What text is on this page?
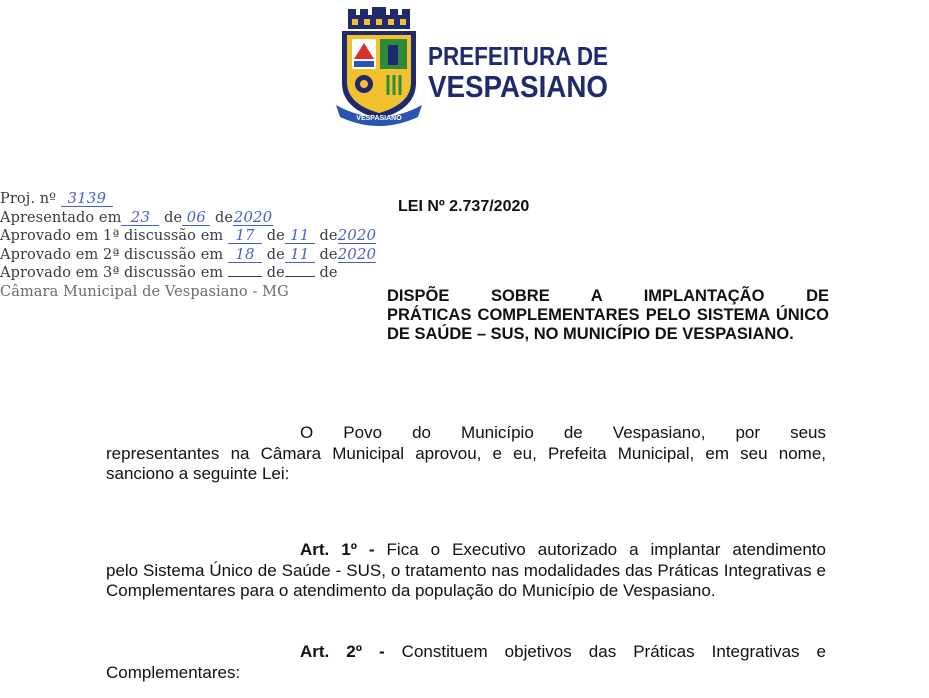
VESPASIANO
PREFEITURA DE
VESPASIANO
Proj. nº 3139
Apresentado em 23 de 06 de2020
Aprovado em 1ª discussão em 17 de 11 de2020
Aprovado em 2ª discussão em 18 de 11 de2020
Aprovado em 3ª discussão em	de de
Câmara Municipal de Vespasiano - MG
LEI Nº 2.737/2020
DISPÕE SOBRE A IMPLANTAÇÃO DE
PRÁTICAS COMPLEMENTARES PELO SISTEMA ÚNICO DE SAÚDE – SUS, NO MUNICÍPIO DE VESPASIANO.
O Povo do Município de Vespasiano, por seus
representantes na Câmara Municipal aprovou, e eu, Prefeita Municipal, em seu nome, sanciono a seguinte Lei:
Art. 1º - Fica o Executivo autorizado a implantar atendimento
pelo Sistema Único de Saúde - SUS, o tratamento nas modalidades das Práticas Integrativas e Complementares para o atendimento da população do Município de Vespasiano.
Art. 2º - Constituem objetivos das Práticas Integrativas e
Complementares:
